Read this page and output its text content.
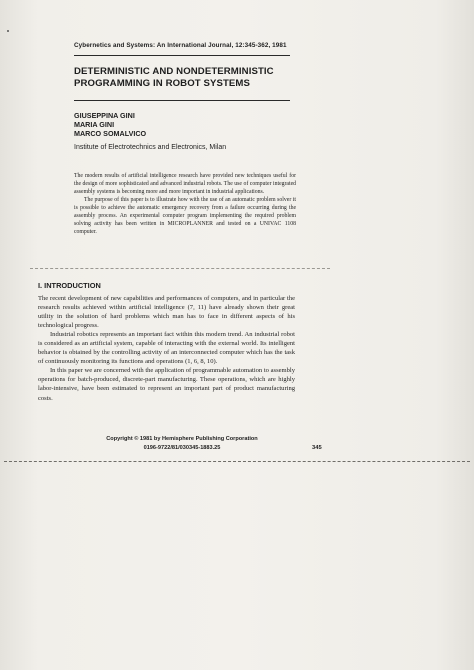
Cybernetics and Systems: An International Journal, 12:345-362, 1981
DETERMINISTIC AND NONDETERMINISTIC
PROGRAMMING IN ROBOT SYSTEMS
GIUSEPPINA GINI
MARIA GINI
MARCO SOMALVICO
Institute of Electrotechnics and Electronics, Milan

The modern results of artificial intelligence research have provided new techniques useful for the design of more sophisticated and advanced industrial robots. The use of computer integrated assembly systems is becoming more and more important in industrial applications.

The purpose of this paper is to illustrate how with the use of an automatic problem solver it is possible to achieve the automatic emergency recovery from a failure occurring during the assembly process. An experimental computer program implementing the required problem solving activity has been written in MICROPLANNER and tested on a UNIVAC 1108 computer.

I. INTRODUCTION

The recent development of new capabilities and performances of computers, and in particular the research results achieved within artificial intelligence (7, 11) have already shown their great utility in the solution of hard problems which man has to face in different aspects of his technological progress.

Industrial robotics represents an important fact within this modern trend. An industrial robot is considered as an artificial system, capable of interacting with the external world. Its intelligent behavior is obtained by the controlling activity of an interconnected computer which has the task of continuously monitoring its functions and operations (1, 6, 8, 10).

In this paper we are concerned with the application of programmable automation to assembly operations for batch-produced, discrete-part manufacturing. These operations, which are highly labor-intensive, have been estimated to represent an important part of product manufacturing costs.

Copyright © 1981 by Hemisphere Publishing Corporation
0196-9722/81/030345-1883.25	345
